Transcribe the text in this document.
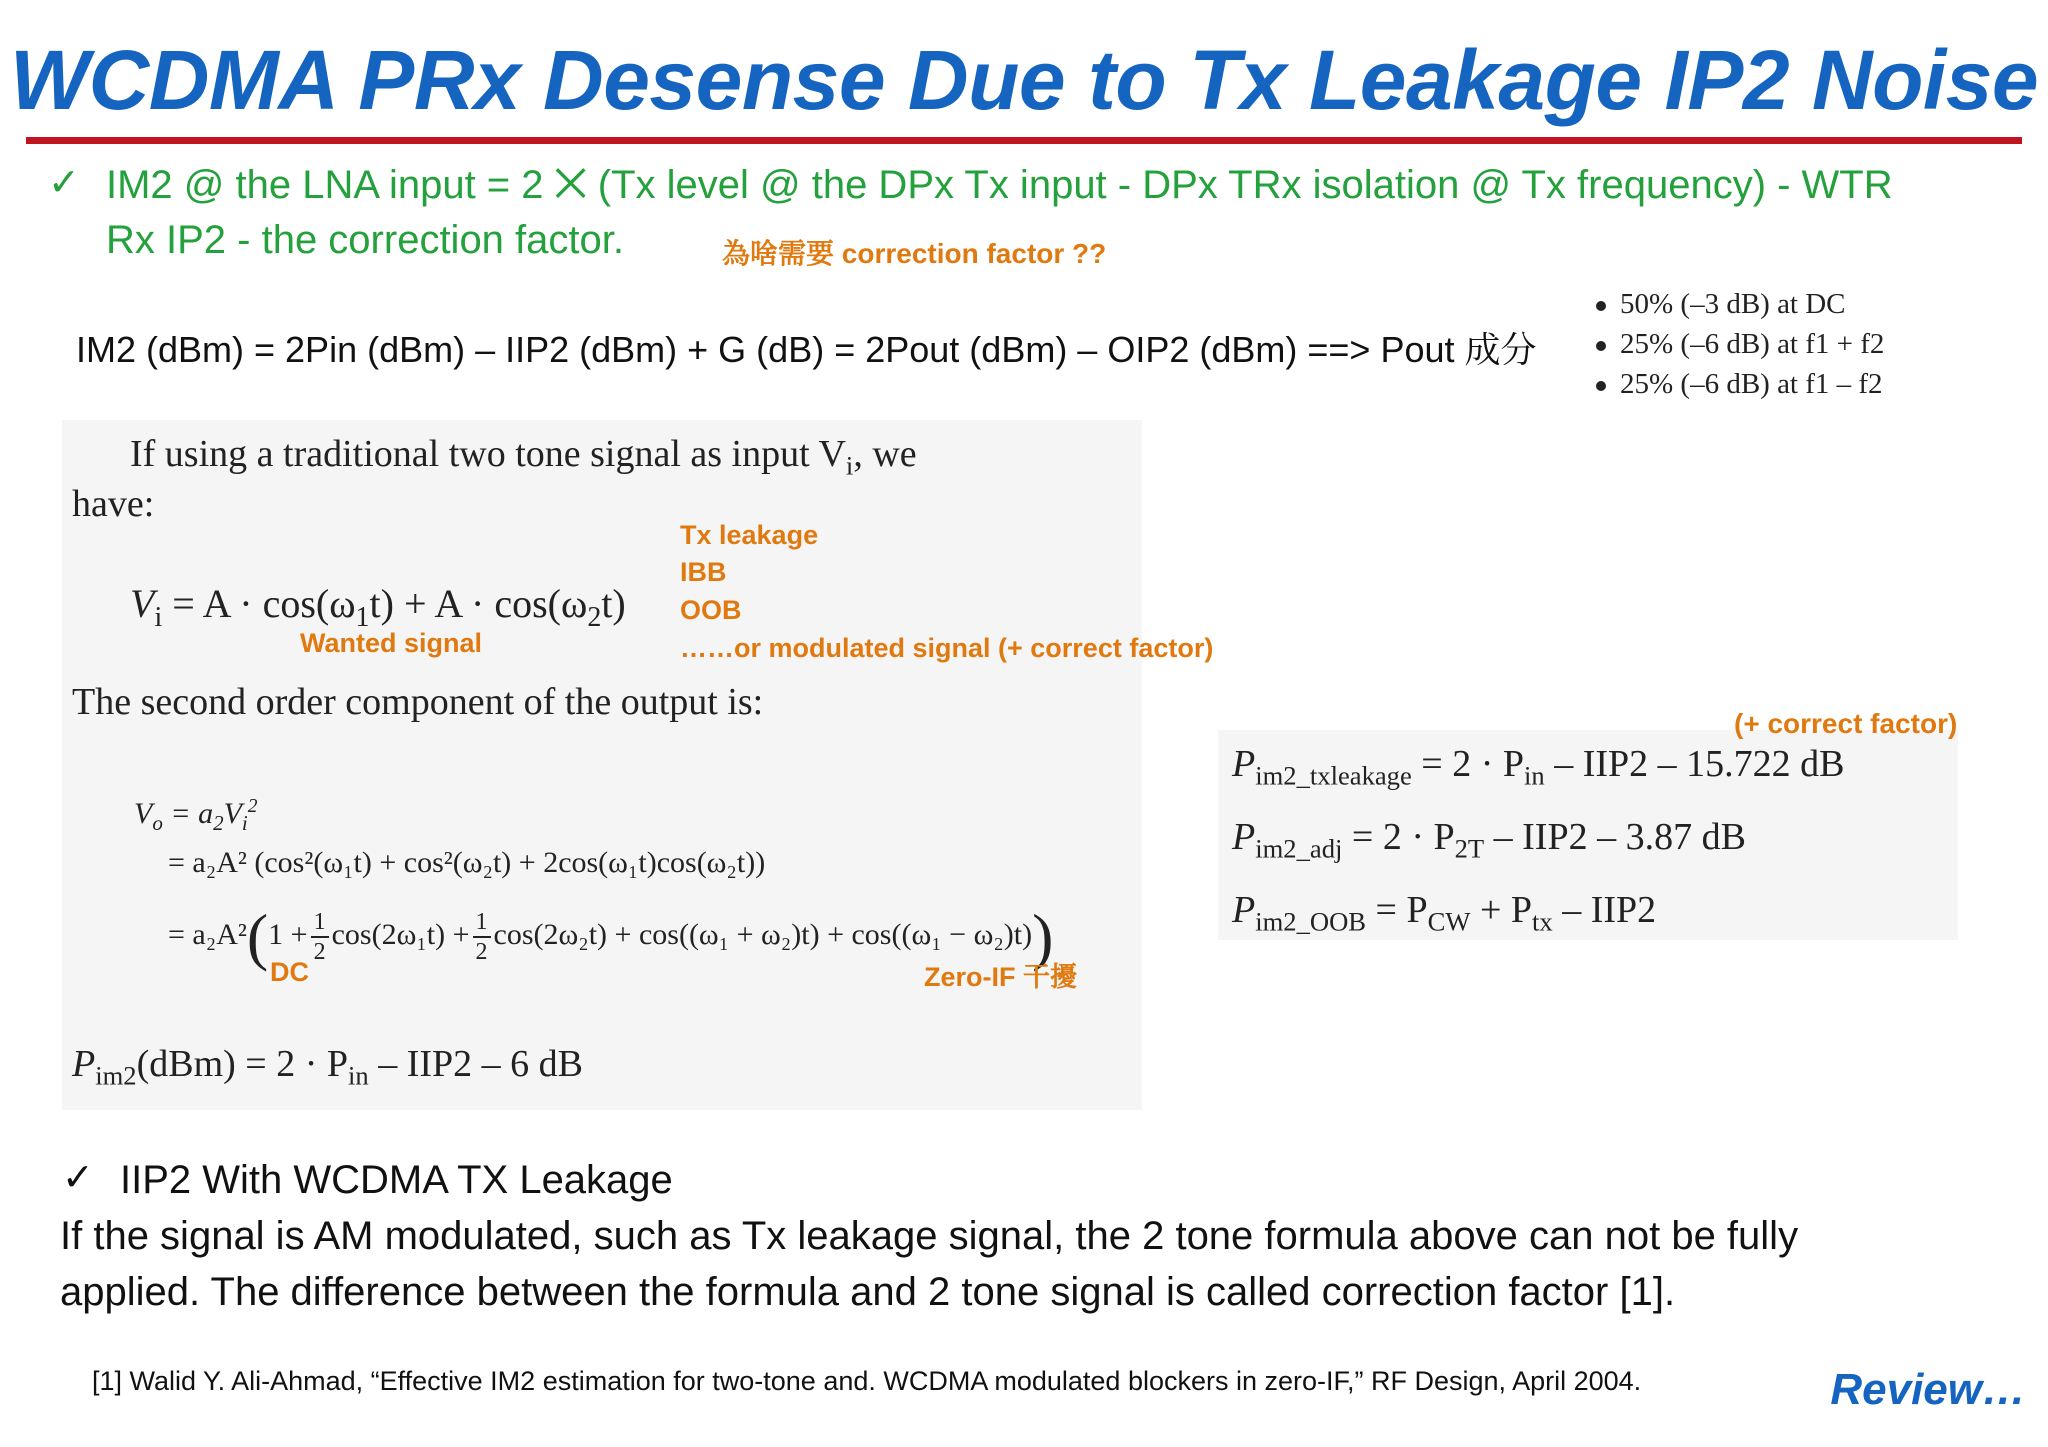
WCDMA PRx Desense Due to Tx Leakage IP2 Noise
✓ IM2 @ the LNA input = 2 ⨉ (Tx level @ the DPx Tx input - DPx TRx isolation @ Tx frequency) - WTR
Rx IP2 - the correction factor.	為啥需要 correction factor ??
IM2 (dBm) = 2Pin (dBm) – IIP2 (dBm) + G (dB) = 2Pout (dBm) – OIP2 (dBm) ==> Pout 成分
50% (–3 dB) at DC
25% (–6 dB) at f1 + f2
25% (–6 dB) at f1 – f2
If using a traditional two tone signal as input $V_i$, we
have:
$V_i = A \cdot \cos(\omega_1t) + A \cdot \cos(\omega_2t)$
Tx leakage
IBB
OOB
……or modulated signal (+ correct factor)
Wanted signal
The second order component of the output is:
$V_o = a_2V_i^2$
= a₂A² (cos²(ω₁t) + cos²(ω₂t) + 2cos(ω₁t)cos(ω₂t))
= $a_2A^2(1 + \frac{1}{2} \cos(2\omega_1t) + \frac{1}{2} \cos(2\omega_2t) + \cos((\omega_1 + \omega_2)t) + \cos((\omega_1 - \omega_2)t))$
DC	Zero-IF 干擾
$P_{im2}(dBm) = 2 \cdot P_{in} - IIP2 - 6$ dB
(+ correct factor)
$P_{im2\_txleakage} = 2 \cdot P_{in} - IIP2 - 15.722$ dB
$P_{im2\_adj} = 2 \cdot P_{2T} - IIP2 - 3.87$ dB
$P_{im2\_OOB} = P_{CW} + P_{tx} - IIP2$
✓ IIP2 With WCDMA TX Leakage
If the signal is AM modulated, such as Tx leakage signal, the 2 tone formula above can not be fully
applied. The difference between the formula and 2 tone signal is called correction factor [1].
[1] Walid Y. Ali-Ahmad, “Effective IM2 estimation for two-tone and. WCDMA modulated blockers in zero-IF,” RF Design, April 2004.	Review…
